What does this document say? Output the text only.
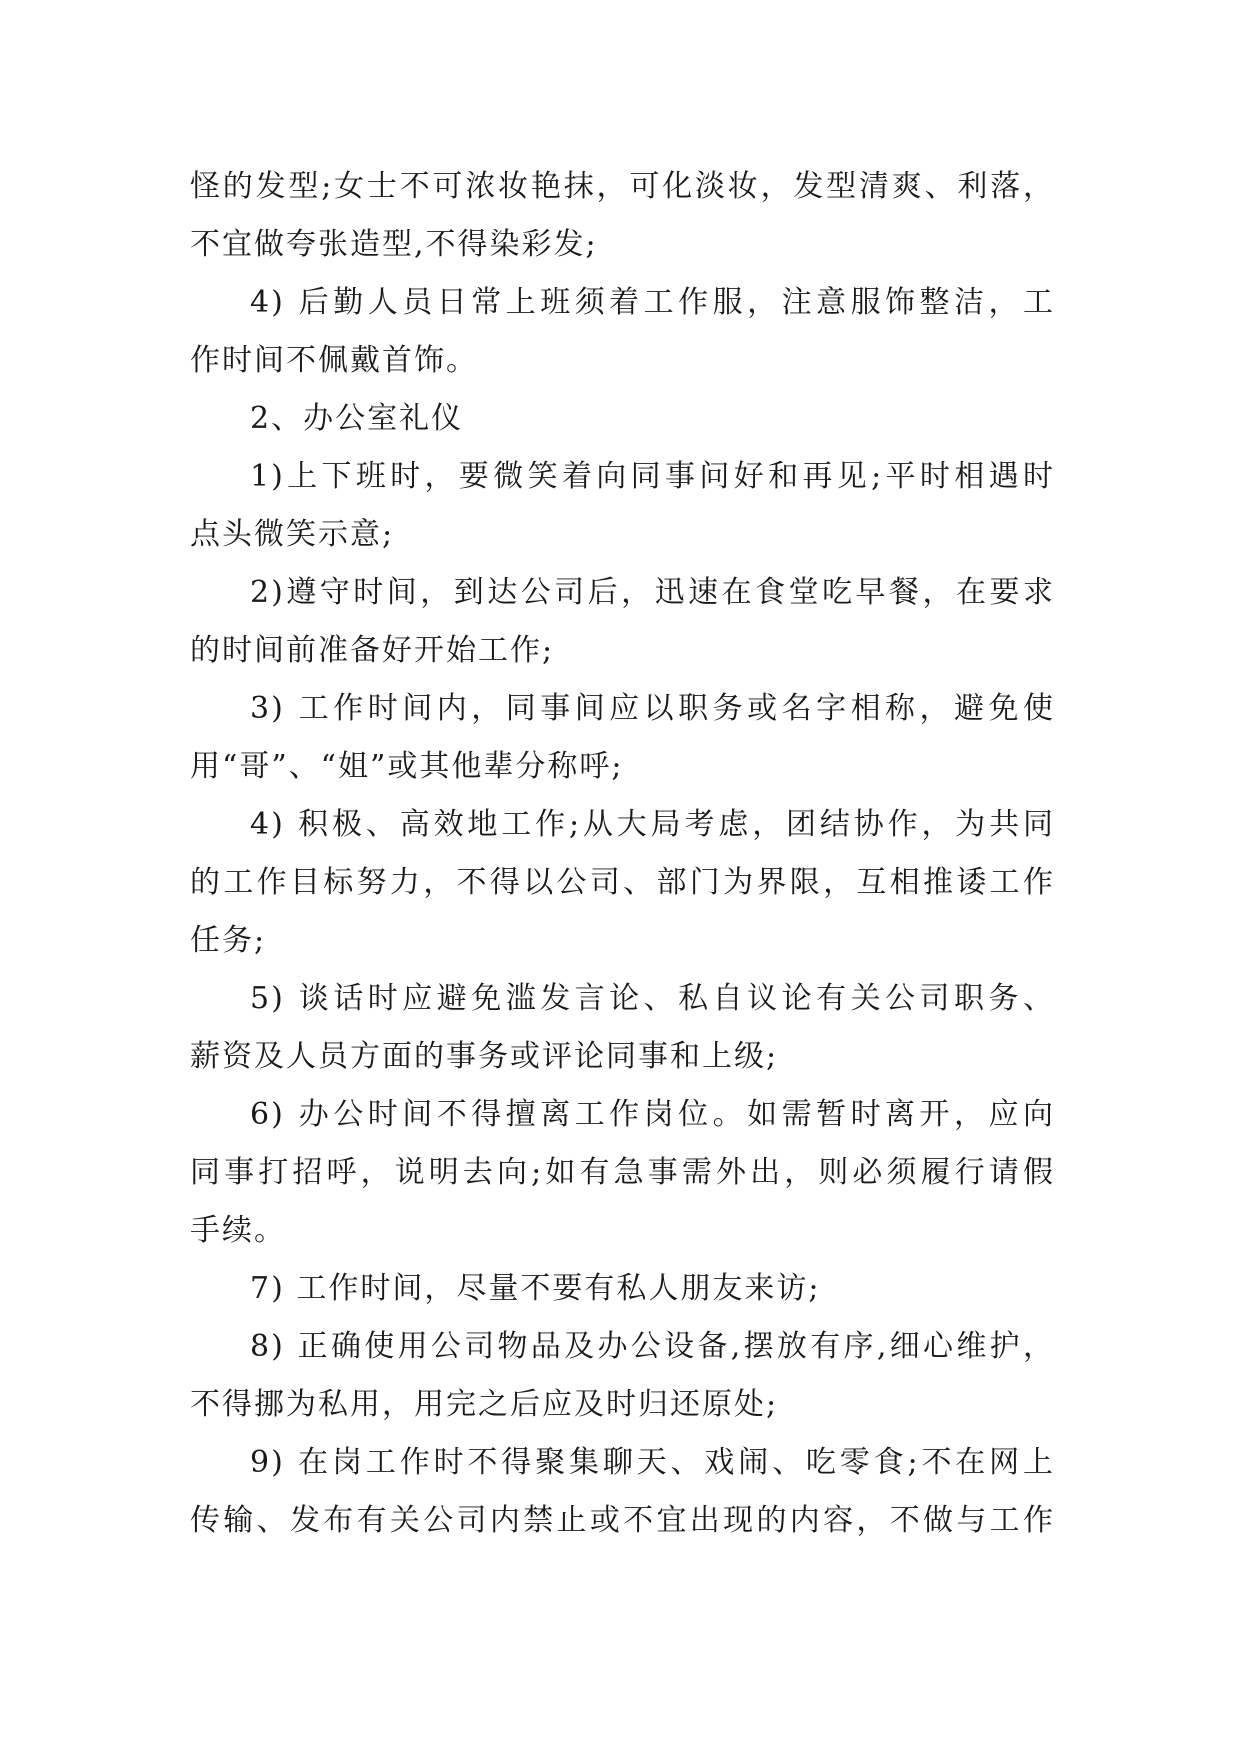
怪的发型;女士不可浓妆艳抹，可化淡妆，发型清爽、利落，
不宜做夸张造型,不得染彩发;
4) 后勤人员日常上班须着工作服，注意服饰整洁，工
作时间不佩戴首饰。
2、办公室礼仪
1)上下班时，要微笑着向同事问好和再见;平时相遇时
点头微笑示意;
2)遵守时间，到达公司后，迅速在食堂吃早餐，在要求
的时间前准备好开始工作;
3) 工作时间内，同事间应以职务或名字相称，避免使
用“哥”、“姐”或其他辈分称呼;
4) 积极、高效地工作;从大局考虑，团结协作，为共同
的工作目标努力，不得以公司、部门为界限，互相推诿工作
任务;
5) 谈话时应避免滥发言论、私自议论有关公司职务、
薪资及人员方面的事务或评论同事和上级;
6) 办公时间不得擅离工作岗位。如需暂时离开，应向
同事打招呼，说明去向;如有急事需外出，则必须履行请假
手续。
7) 工作时间，尽量不要有私人朋友来访;
8) 正确使用公司物品及办公设备,摆放有序,细心维护，
不得挪为私用，用完之后应及时归还原处;
9) 在岗工作时不得聚集聊天、戏闹、吃零食;不在网上
传输、发布有关公司内禁止或不宜出现的内容，不做与工作
